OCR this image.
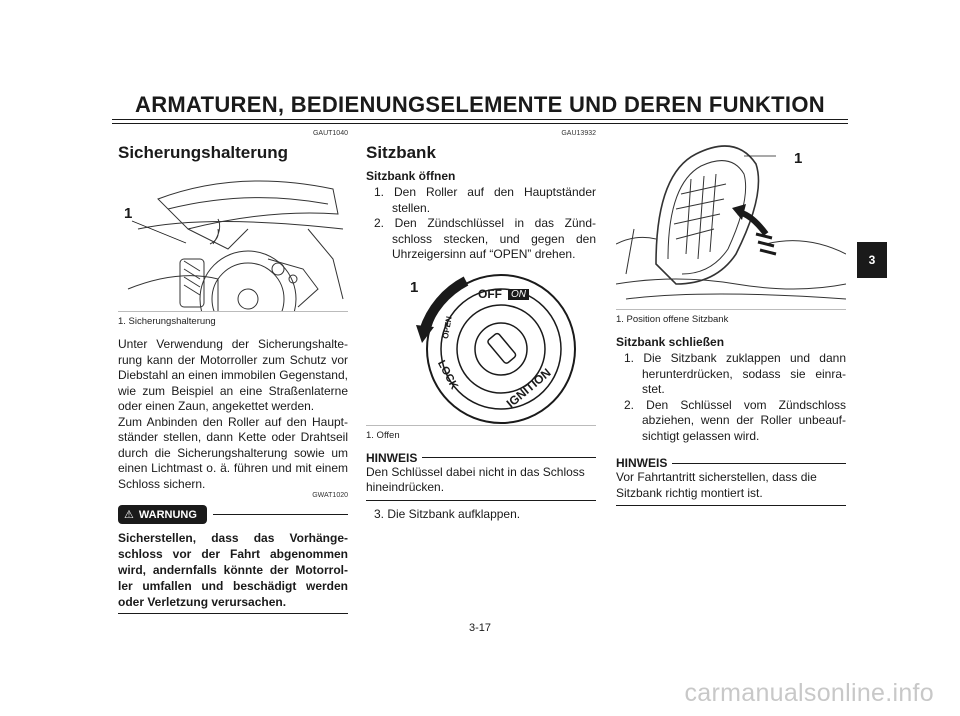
ARMATUREN, BEDIENUNGSELEMENTE UND DEREN FUNKTION
GAUT1040
Sicherungshalterung
1
1. Sicherungshalterung

Unter Verwendung der Sicherungshalte-rung kann der Motorroller zum Schutz vor Diebstahl an einen immobilen Gegenstand, wie zum Beispiel an eine Straßenlaterne oder einen Zaun, angekettet werden.

Zum Anbinden den Roller auf den Haupt-ständer stellen, dann Kette oder Drahtseil durch die Sicherungshalterung sowie um einen Lichtmast o. ä. führen und mit einem Schloss sichern.

GWAT1020
⚠ WARNUNG
Sicherstellen, dass das Vorhänge-schloss vor der Fahrt abgenommen wird, andernfalls könnte der Motorrol-ler umfallen und beschädigt werden oder Verletzung verursachen.
GAU13932
Sitzbank
Sitzbank öffnen
1. Den Roller auf den Hauptständer stellen.
2. Den Zündschlüssel in das Zünd-schloss stecken, und gegen den Uhrzeigersinn auf “OPEN” drehen.
1	OFF ON
LOCK	IGNITION
OPEN
1. Offen
HINWEIS

Den Schlüssel dabei nicht in das Schloss hineindrücken.

3. Die Sitzbank aufklappen.
1
1. Position offene Sitzbank
Sitzbank schließen
1. Die Sitzbank zuklappen und dann herunterdrücken, sodass sie einra-stet.
2. Den Schlüssel vom Zündschloss abziehen, wenn der Roller unbeauf-sichtigt gelassen wird.
HINWEIS

Vor Fahrtantritt sicherstellen, dass die Sitzbank richtig montiert ist.

3
3-17
carmanualsonline.info
